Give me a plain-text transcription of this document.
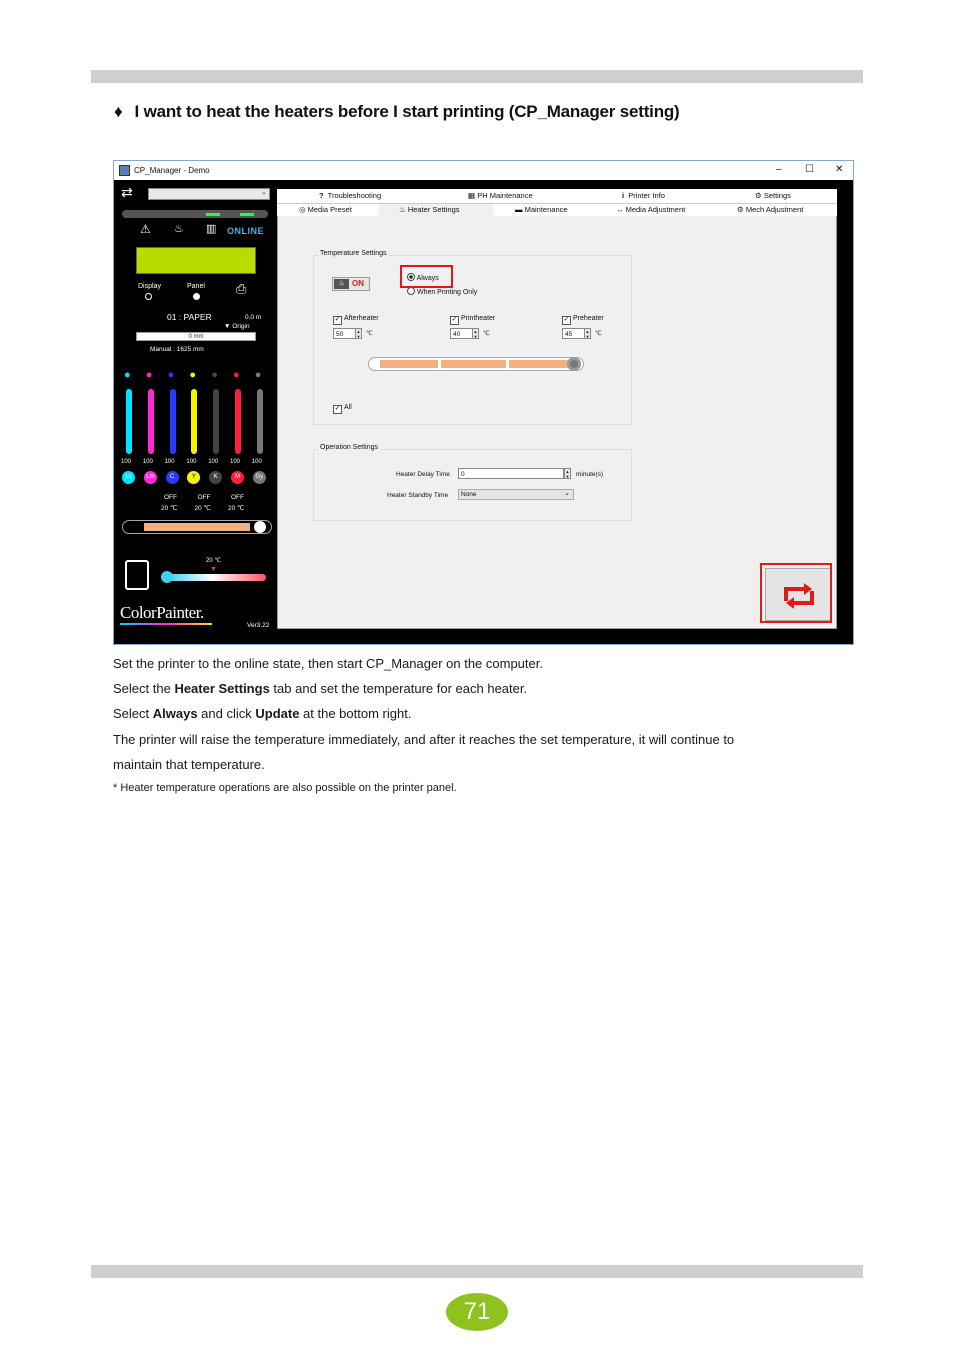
♦ I want to heat the heaters before I start printing (CP_Manager setting)
CP_Manager - Demo	– ☐ ✕
⇄	⌄
⚠ ♨ ▥ ONLINE
Display	Panel ⎙
01 : PAPER	0.0 m
▼ Origin
0 mm
Manual : 1625 mm
●
100
Lc
●
100
Lm
●
100
C
●
100
Y
●
100
K
●
100
M
●
100
Gy
OFF
20 ℃
OFF
20 ℃
OFF
20 ℃
20 ℃
▼
ColorPainter.
Ver3.22
? Troubleshooting	▦ PH Maintenance	i Printer Info	⚙ Settings
◎ Media Preset	♨ Heater Settings	▬ Maintenance	↔ Media Adjustment	⚙ Mech Adjustment
Temperature Settings
♨ ON
Always
When Printing Only
✓ Afterheater
50	▲
▼ ℃
✓ Printheater
40	▲
▼ ℃
✓ Preheater
45	▲
▼ ℃
✓ All
Operation Settings
Heater Delay Time	0	▲
▼ minute(s)
Heater Standby Time	None	⌄
Set the printer to the online state, then start CP_Manager on the computer.
Select the Heater Settings tab and set the temperature for each heater.
Select Always and click Update at the bottom right.
The printer will raise the temperature immediately, and after it reaches the set temperature, it will continue to
maintain that temperature.
* Heater temperature operations are also possible on the printer panel.
71
